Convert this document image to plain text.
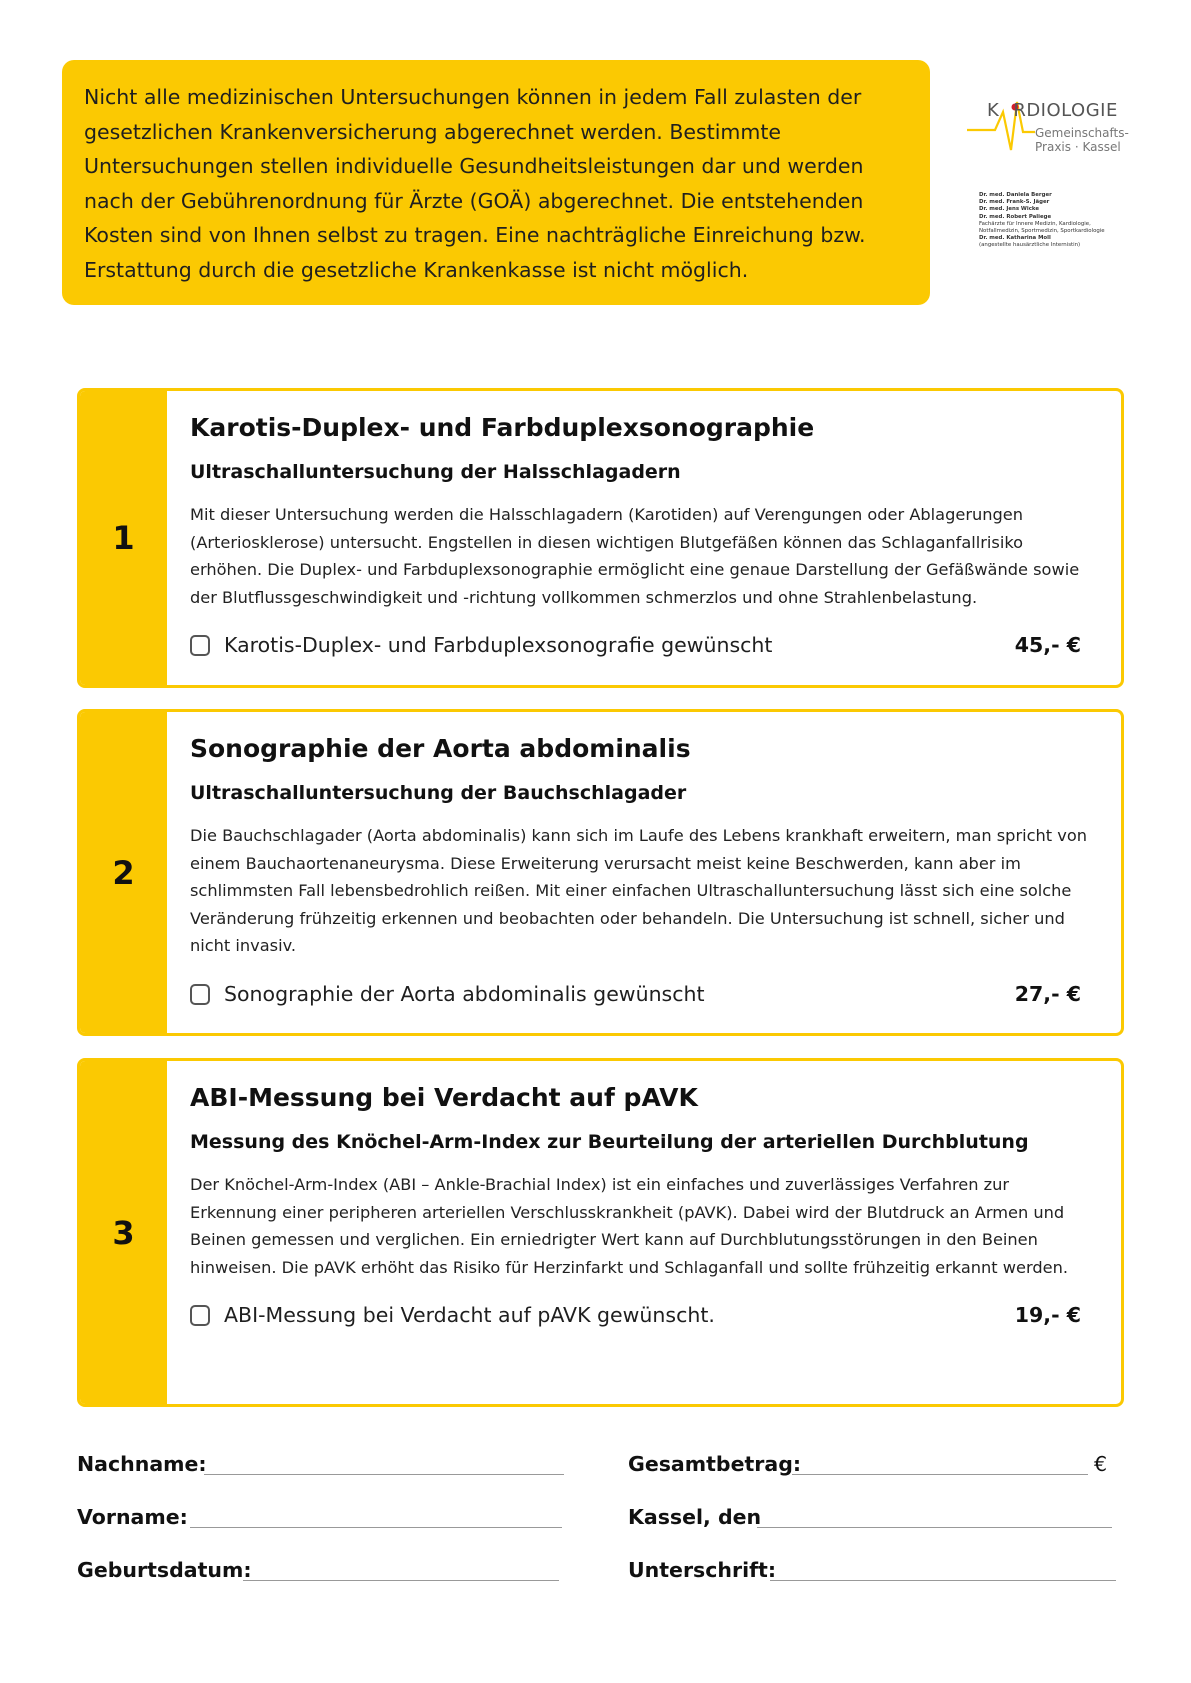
Nicht alle medizinischen Untersuchungen können in jedem Fall zulasten der
gesetzlichen Krankenversicherung abgerechnet werden. Bestimmte
Untersuchungen stellen individuelle Gesundheitsleistungen dar und werden
nach der Gebührenordnung für Ärzte (GOÄ) abgerechnet. Die entstehenden
Kosten sind von Ihnen selbst zu tragen. Eine nachträgliche Einreichung bzw.
Erstattung durch die gesetzliche Krankenkasse ist nicht möglich.
K RDIOLOGIE
Gemeinschafts-
Praxis · Kassel
Dr. med. Daniela Berger
Dr. med. Frank-S. Jäger
Dr. med. Jens Wicke
Dr. med. Robert Paliege
Fachärzte für Innere Medizin, Kardiologie,
Notfallmedizin, Sportmedizin, Sportkardiologie
Dr. med. Katharina Moll
(angestellte hausärztliche Internistin)
1
Karotis-Duplex- und Farbduplexsonographie
Ultraschalluntersuchung der Halsschlagadern

Mit dieser Untersuchung werden die Halsschlagadern (Karotiden) auf Verengungen oder Ablagerungen
(Arteriosklerose) untersucht. Engstellen in diesen wichtigen Blutgefäßen können das Schlaganfallrisiko
erhöhen. Die Duplex- und Farbduplexsonographie ermöglicht eine genaue Darstellung der Gefäßwände sowie
der Blutflussgeschwindigkeit und -richtung vollkommen schmerzlos und ohne Strahlenbelastung.

Karotis-Duplex- und Farbduplexsonografie gewünscht	45,- €
2
Sonographie der Aorta abdominalis
Ultraschalluntersuchung der Bauchschlagader

Die Bauchschlagader (Aorta abdominalis) kann sich im Laufe des Lebens krankhaft erweitern, man spricht von
einem Bauchaortenaneurysma. Diese Erweiterung verursacht meist keine Beschwerden, kann aber im
schlimmsten Fall lebensbedrohlich reißen. Mit einer einfachen Ultraschalluntersuchung lässt sich eine solche
Veränderung frühzeitig erkennen und beobachten oder behandeln. Die Untersuchung ist schnell, sicher und
nicht invasiv.

Sonographie der Aorta abdominalis gewünscht	27,- €
3
ABI-Messung bei Verdacht auf pAVK
Messung des Knöchel-Arm-Index zur Beurteilung der arteriellen Durchblutung

Der Knöchel-Arm-Index (ABI – Ankle-Brachial Index) ist ein einfaches und zuverlässiges Verfahren zur
Erkennung einer peripheren arteriellen Verschlusskrankheit (pAVK). Dabei wird der Blutdruck an Armen und
Beinen gemessen und verglichen. Ein erniedrigter Wert kann auf Durchblutungsstörungen in den Beinen
hinweisen. Die pAVK erhöht das Risiko für Herzinfarkt und Schlaganfall und sollte frühzeitig erkannt werden.

ABI-Messung bei Verdacht auf pAVK gewünscht.	19,- €
Nachname:
Vorname:
Geburtsdatum:
Gesamtbetrag:	€
Kassel, den
Unterschrift:
